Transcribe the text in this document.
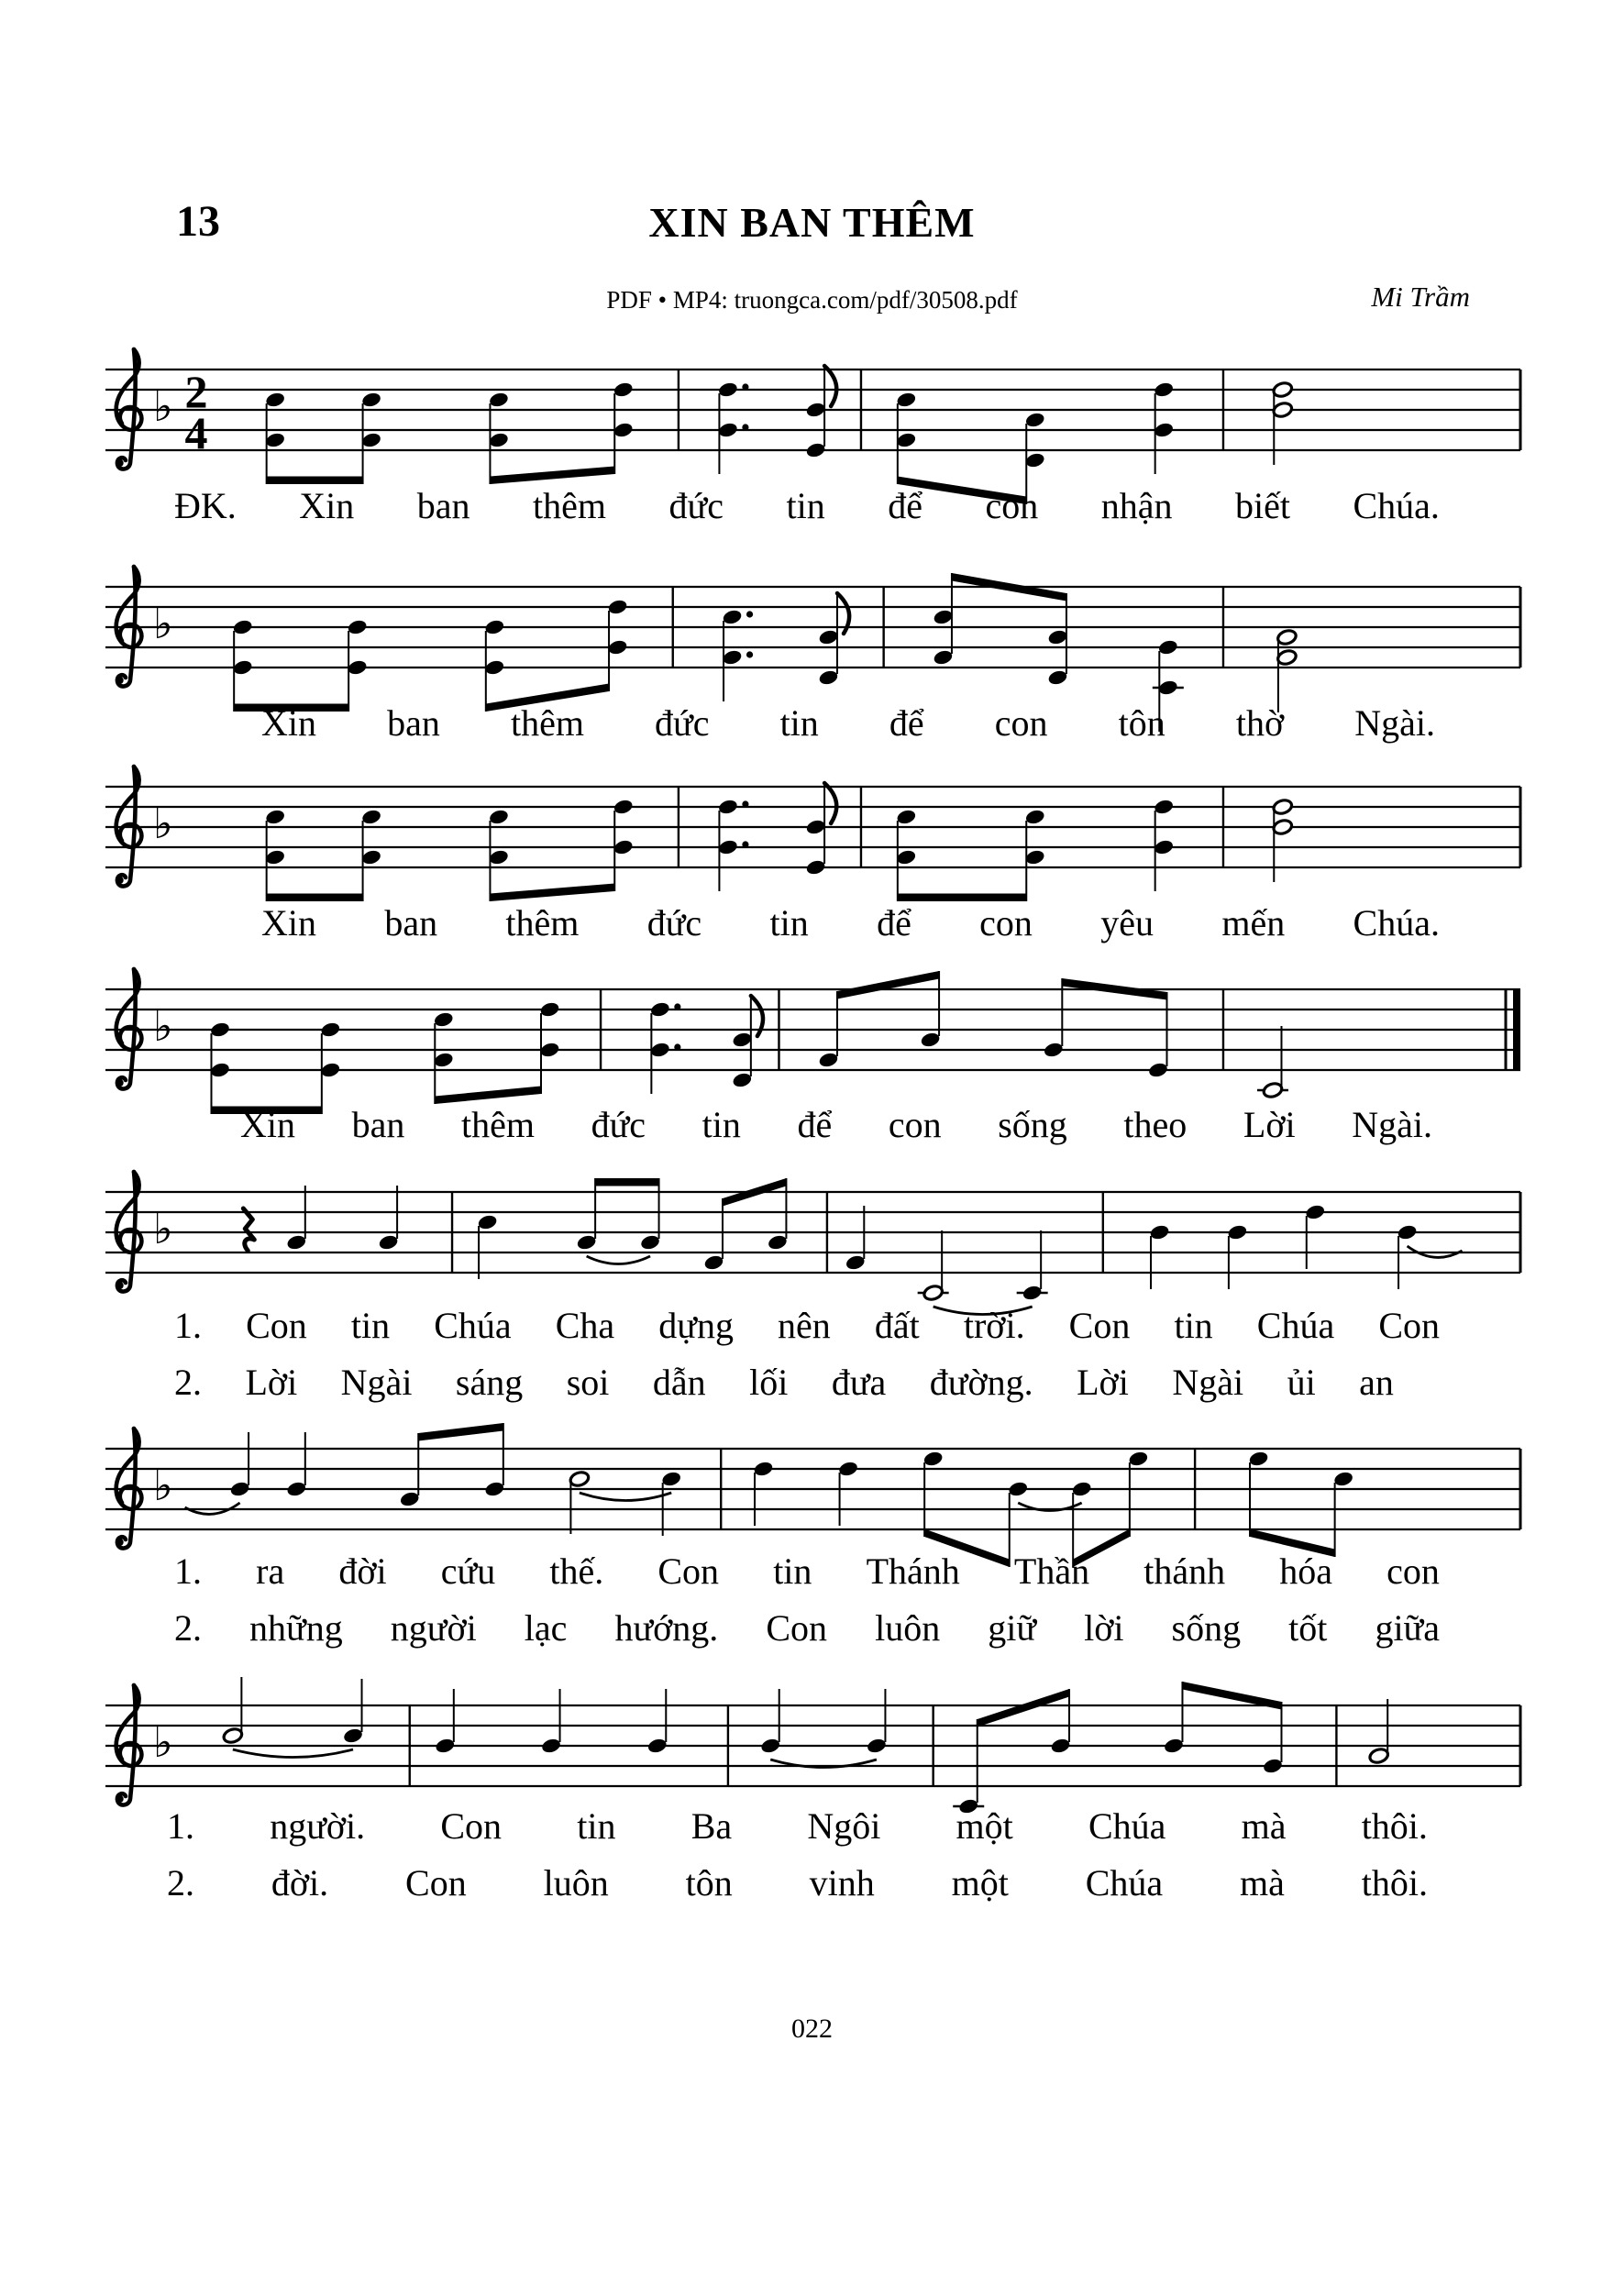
♭ 2
4
♭
♭
♭
♭
♭
♭
13	XIN BAN THÊM
PDF • MP4: truongca.com/pdf/30508.pdf	Mi Trầm
ĐK. Xin ban thêm đức tin để con nhận biết Chúa.
Xin ban thêm đức tin để con tôn thờ Ngài.
Xin ban thêm đức tin để con yêu mến Chúa.
Xin ban thêm đức tin để con sống theo Lời Ngài.
1. Con tin Chúa Cha dựng nên đất trời. Con tin Chúa Con
2. Lời Ngài sáng soi dẫn lối đưa đường. Lời Ngài ủi an
1. ra đời cứu thế. Con tin Thánh Thần thánh hóa con
2. những người lạc hướng. Con luôn giữ lời sống tốt giữa
1. người. Con tin Ba Ngôi một Chúa mà thôi.
2. đời. Con luôn tôn vinh một Chúa mà thôi.
022
